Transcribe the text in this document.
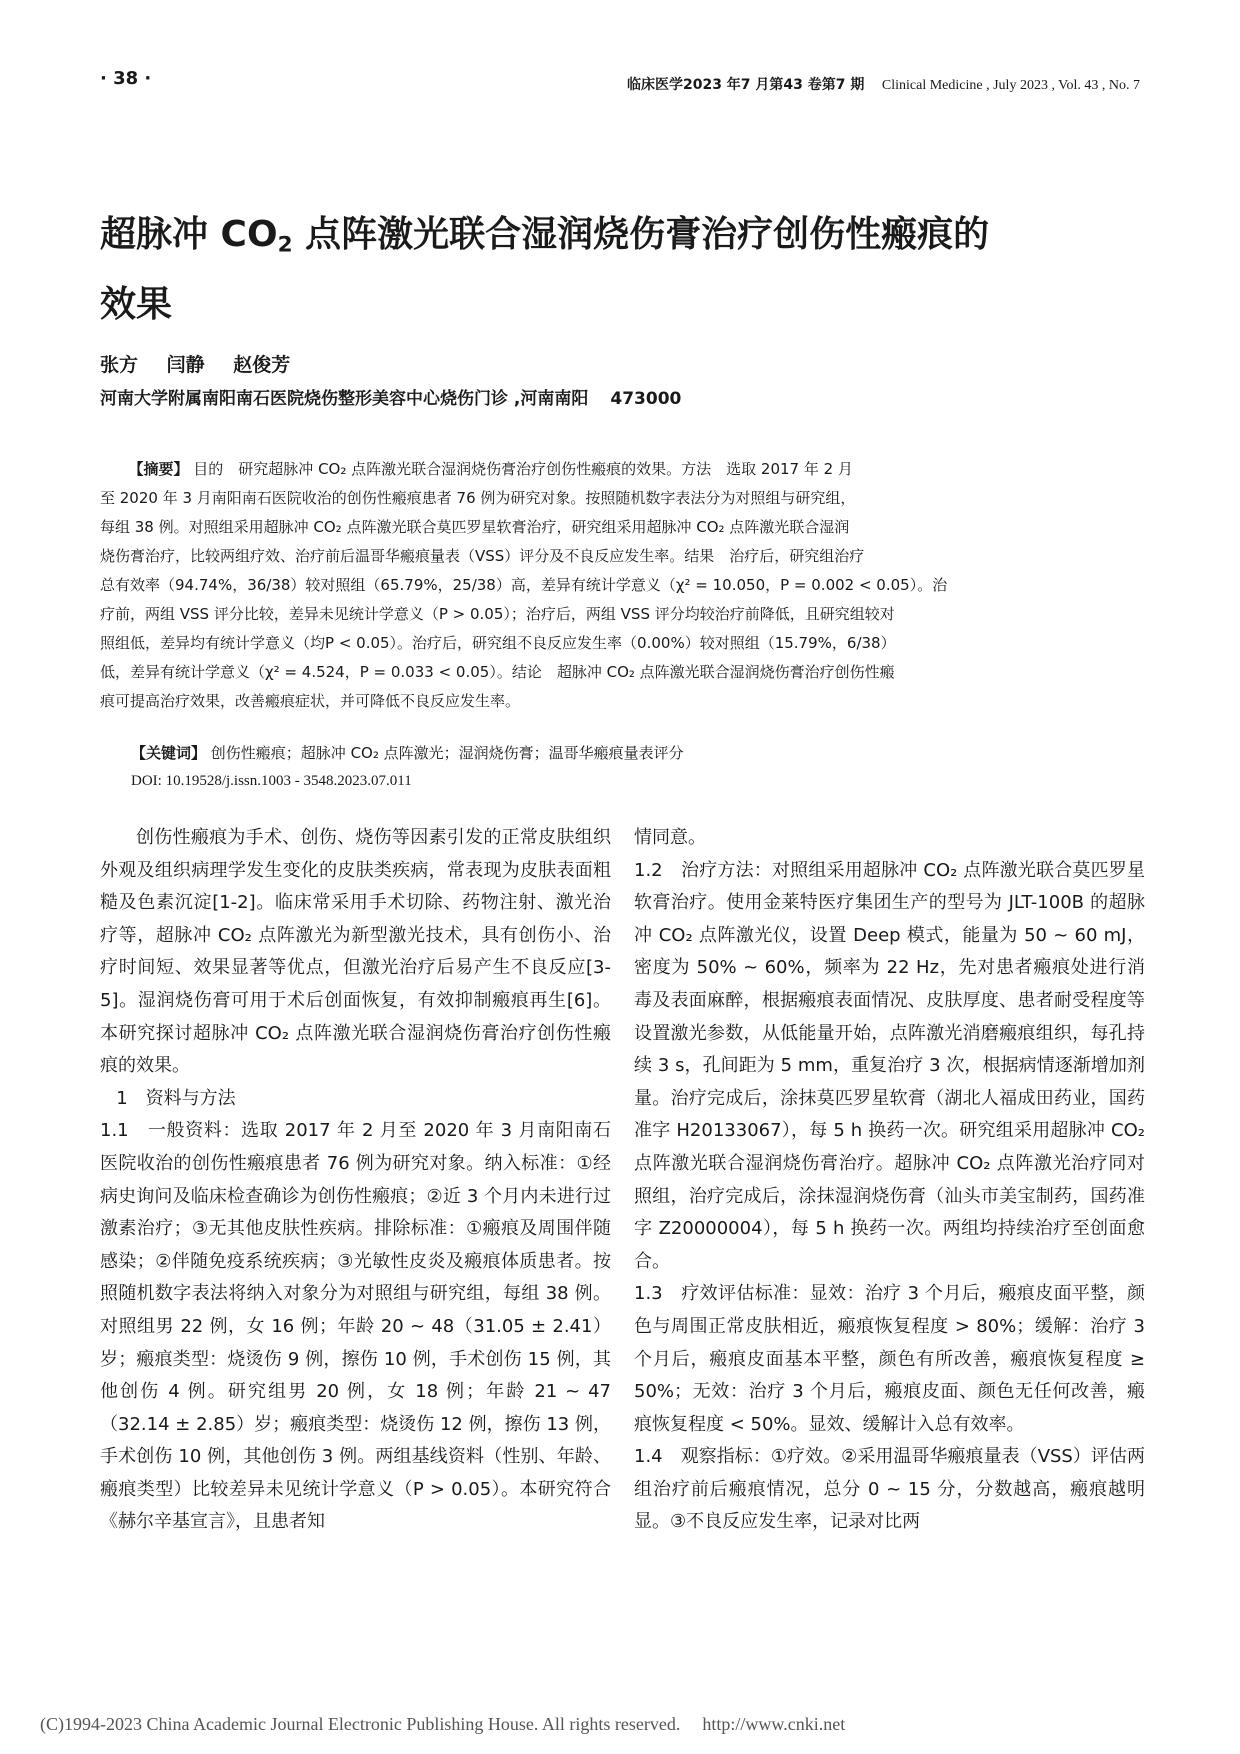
· 38 ·	临床医学2023 年7 月第43 卷第7 期 Clinical Medicine , July 2023 , Vol. 43 , No. 7
超脉冲 $CO_2$ 点阵激光联合湿润烧伤膏治疗创伤性瘢痕的
效果
张方 闫静 赵俊芳
河南大学附属南阳南石医院烧伤整形美容中心烧伤门诊 ,河南南阳 473000
【摘要】 目的　研究超脉冲 CO₂ 点阵激光联合湿润烧伤膏治疗创伤性瘢痕的效果。方法　选取 2017 年 2 月
至 2020 年 3 月南阳南石医院收治的创伤性瘢痕患者 76 例为研究对象。按照随机数字表法分为对照组与研究组，
每组 38 例。对照组采用超脉冲 CO₂ 点阵激光联合莫匹罗星软膏治疗，研究组采用超脉冲 CO₂ 点阵激光联合湿润
烧伤膏治疗，比较两组疗效、治疗前后温哥华瘢痕量表（VSS）评分及不良反应发生率。结果　治疗后，研究组治疗
总有效率（94.74%，36/38）较对照组（65.79%，25/38）高，差异有统计学意义（χ² = 10.050，P = 0.002 < 0.05）。治
疗前，两组 VSS 评分比较，差异未见统计学意义（P > 0.05）；治疗后，两组 VSS 评分均较治疗前降低，且研究组较对
照组低，差异均有统计学意义（均P < 0.05）。治疗后，研究组不良反应发生率（0.00%）较对照组（15.79%，6/38）
低，差异有统计学意义（χ² = 4.524，P = 0.033 < 0.05）。结论　超脉冲 CO₂ 点阵激光联合湿润烧伤膏治疗创伤性瘢
痕可提高治疗效果，改善瘢痕症状，并可降低不良反应发生率。
【关键词】 创伤性瘢痕；超脉冲 CO₂ 点阵激光；湿润烧伤膏；温哥华瘢痕量表评分
DOI: 10.19528/j.issn.1003 - 3548.2023.07.011

创伤性瘢痕为手术、创伤、烧伤等因素引发的正常皮肤组织外观及组织病理学发生变化的皮肤类疾病，常表现为皮肤表面粗糙及色素沉淀[1-2]。临床常采用手术切除、药物注射、激光治疗等，超脉冲 CO₂ 点阵激光为新型激光技术，具有创伤小、治疗时间短、效果显著等优点，但激光治疗后易产生不良反应[3-5]。湿润烧伤膏可用于术后创面恢复，有效抑制瘢痕再生[6]。本研究探讨超脉冲 CO₂ 点阵激光联合湿润烧伤膏治疗创伤性瘢痕的效果。

1　资料与方法

1.1　一般资料：选取 2017 年 2 月至 2020 年 3 月南阳南石医院收治的创伤性瘢痕患者 76 例为研究对象。纳入标准：①经病史询问及临床检查确诊为创伤性瘢痕；②近 3 个月内未进行过激素治疗；③无其他皮肤性疾病。排除标准：①瘢痕及周围伴随感染；②伴随免疫系统疾病；③光敏性皮炎及瘢痕体质患者。按照随机数字表法将纳入对象分为对照组与研究组，每组 38 例。对照组男 22 例，女 16 例；年龄 20 ~ 48（31.05 ± 2.41）岁；瘢痕类型：烧烫伤 9 例，擦伤 10 例，手术创伤 15 例，其他创伤 4 例。研究组男 20 例，女 18 例；年龄 21 ~ 47（32.14 ± 2.85）岁；瘢痕类型：烧烫伤 12 例，擦伤 13 例，手术创伤 10 例，其他创伤 3 例。两组基线资料（性别、年龄、瘢痕类型）比较差异未见统计学意义（P > 0.05）。本研究符合《赫尔辛基宣言》，且患者知

情同意。

1.2　治疗方法：对照组采用超脉冲 CO₂ 点阵激光联合莫匹罗星软膏治疗。使用金莱特医疗集团生产的型号为 JLT-100B 的超脉冲 CO₂ 点阵激光仪，设置 Deep 模式，能量为 50 ~ 60 mJ，密度为 50% ~ 60%，频率为 22 Hz，先对患者瘢痕处进行消毒及表面麻醉，根据瘢痕表面情况、皮肤厚度、患者耐受程度等设置激光参数，从低能量开始，点阵激光消磨瘢痕组织，每孔持续 3 s，孔间距为 5 mm，重复治疗 3 次，根据病情逐渐增加剂量。治疗完成后，涂抹莫匹罗星软膏（湖北人福成田药业，国药准字 H20133067），每 5 h 换药一次。研究组采用超脉冲 CO₂ 点阵激光联合湿润烧伤膏治疗。超脉冲 CO₂ 点阵激光治疗同对照组，治疗完成后，涂抹湿润烧伤膏（汕头市美宝制药，国药准字 Z20000004），每 5 h 换药一次。两组均持续治疗至创面愈合。

1.3　疗效评估标准：显效：治疗 3 个月后，瘢痕皮面平整，颜色与周围正常皮肤相近，瘢痕恢复程度 > 80%；缓解：治疗 3 个月后，瘢痕皮面基本平整，颜色有所改善，瘢痕恢复程度 ≥ 50%；无效：治疗 3 个月后，瘢痕皮面、颜色无任何改善，瘢痕恢复程度 < 50%。显效、缓解计入总有效率。

1.4　观察指标：①疗效。②采用温哥华瘢痕量表（VSS）评估两组治疗前后瘢痕情况，总分 0 ~ 15 分，分数越高，瘢痕越明显。③不良反应发生率，记录对比两

(C)1994-2023 China Academic Journal Electronic Publishing House. All rights reserved. http://www.cnki.net
